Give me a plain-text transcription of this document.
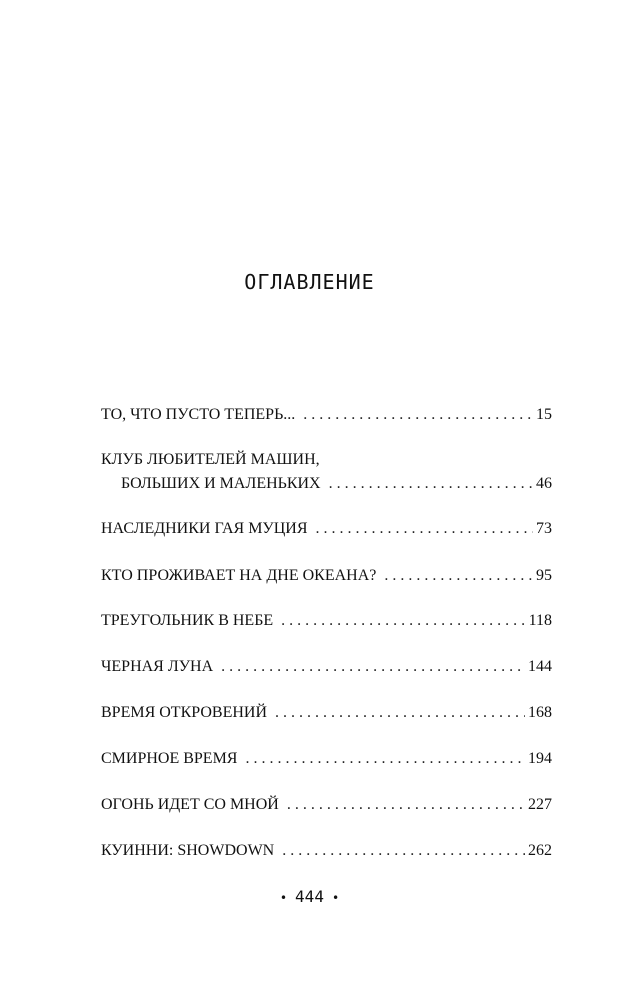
ОГЛАВЛЕНИЕ
ТО, ЧТО ПУСТО ТЕПЕРЬ... . . .	15
КЛУБ ЛЮБИТЕЛЕЙ МАШИН,
БОЛЬШИХ И МАЛЕНЬКИХ . . .	46
НАСЛЕДНИКИ ГАЯ МУЦИЯ . . .	73
КТО ПРОЖИВАЕТ НА ДНЕ ОКЕАНА? . . .	95
ТРЕУГОЛЬНИК В НЕБЕ . . .	118
ЧЕРНАЯ ЛУНА . . .	144
ВРЕМЯ ОТКРОВЕНИЙ . . .	168
СМИРНОЕ ВРЕМЯ . . .	194
ОГОНЬ ИДЕТ СО МНОЙ . . .	227
КУИННИ: SHOWDOWN . . .	262
• 444 •
